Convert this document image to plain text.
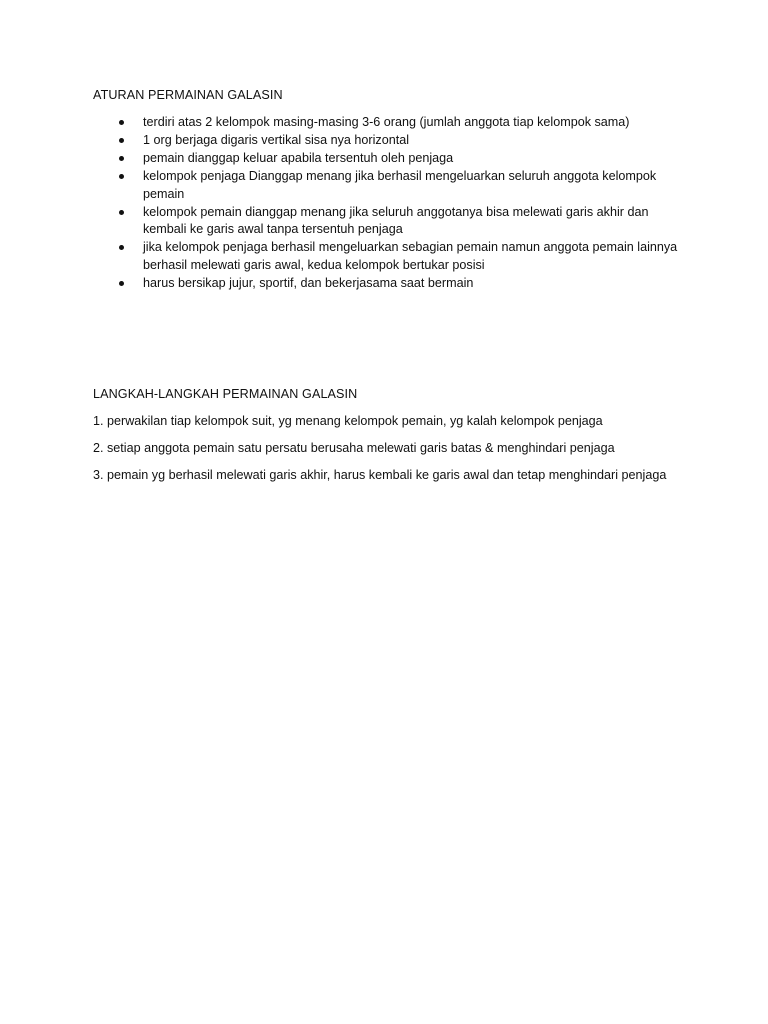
ATURAN PERMAINAN GALASIN
terdiri atas 2 kelompok masing-masing 3-6 orang (jumlah anggota tiap kelompok sama)
1 org berjaga digaris vertikal sisa nya horizontal
pemain dianggap keluar apabila tersentuh oleh penjaga
kelompok penjaga Dianggap menang jika berhasil mengeluarkan seluruh anggota kelompok pemain
kelompok pemain dianggap menang jika seluruh anggotanya bisa melewati garis akhir dan kembali ke garis awal tanpa tersentuh penjaga
jika kelompok penjaga berhasil mengeluarkan sebagian pemain namun anggota pemain lainnya berhasil melewati garis awal, kedua kelompok bertukar posisi
harus bersikap jujur, sportif, dan bekerjasama saat bermain
LANGKAH-LANGKAH PERMAINAN GALASIN

1. perwakilan tiap kelompok suit, yg menang kelompok pemain, yg kalah kelompok penjaga

2. setiap anggota pemain satu persatu berusaha melewati garis batas & menghindari penjaga

3. pemain yg berhasil melewati garis akhir, harus kembali ke garis awal dan tetap menghindari penjaga
